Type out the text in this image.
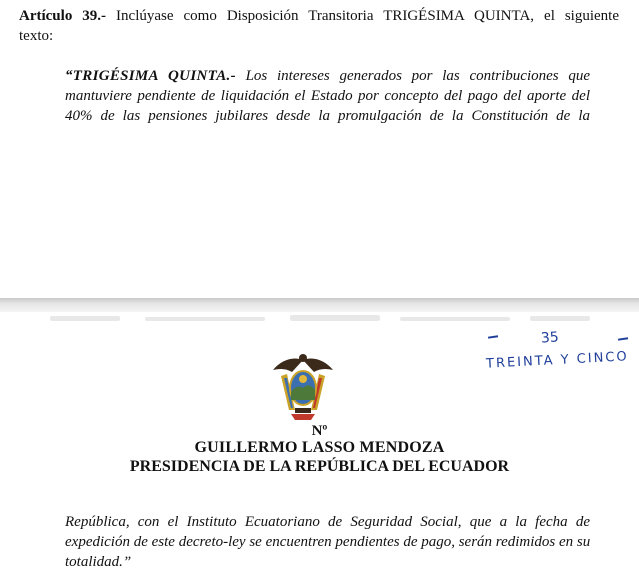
Artículo 39.- Inclúyase como Disposición Transitoria TRIGÉSIMA QUINTA, el siguiente
texto:
“TRIGÉSIMA QUINTA.- Los intereses generados por las contribuciones que
mantuviere pendiente de liquidación el Estado por concepto del pago del aporte del
40% de las pensiones jubilares desde la promulgación de la Constitución de la
35
TREINTA Y CINCO
Nº
GUILLERMO LASSO MENDOZA
PRESIDENCIA DE LA REPÚBLICA DEL ECUADOR
República, con el Instituto Ecuatoriano de Seguridad Social, que a la fecha de
expedición de este decreto-ley se encuentren pendientes de pago, serán redimidos en su
totalidad.”
